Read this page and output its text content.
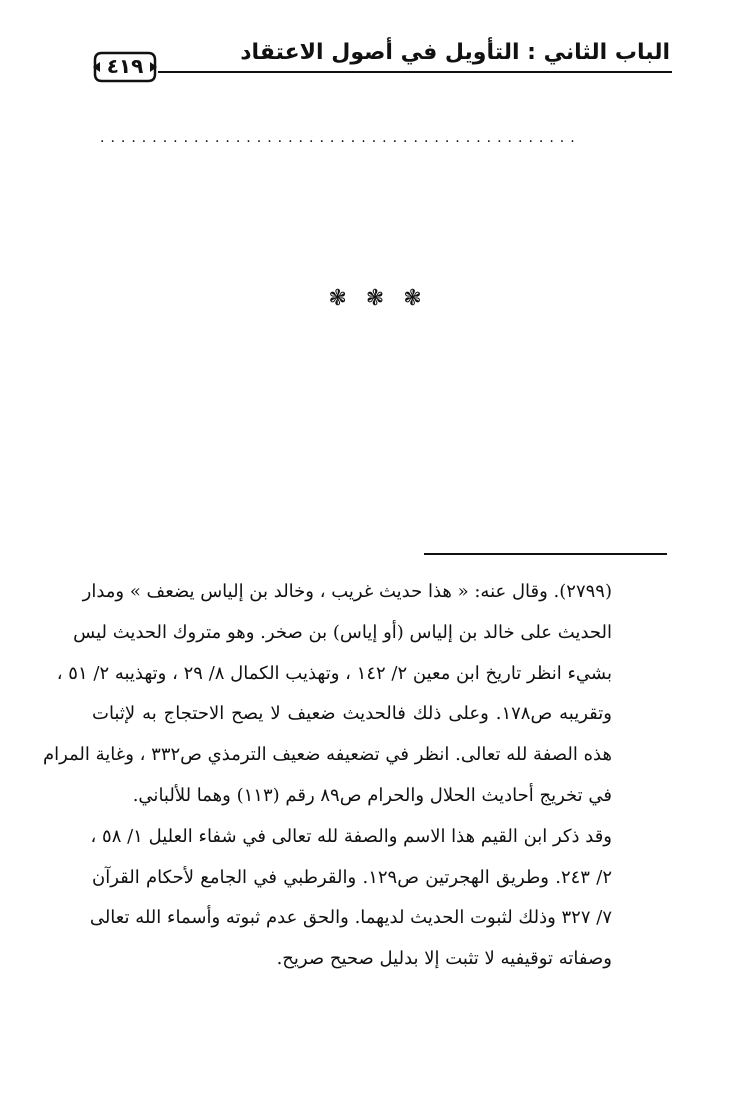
الباب الثاني : التأويل في أصول الاعتقاد
٤١٩
..............................................
❃ ❃ ❃
(٢٧٩٩). وقال عنه: « هذا حديث غريب ، وخالد بن إلياس يضعف » ومدار
الحديث على خالد بن إلياس (أو إياس) بن صخر. وهو متروك الحديث ليس
بشيء انظر تاريخ ابن معين ٢/ ١٤٢ ، وتهذيب الكمال ٨/ ٢٩ ، وتهذيبه ٢/ ٥١ ،
وتقريبه ص١٧٨. وعلى ذلك فالحديث ضعيف لا يصح الاحتجاج به لإثبات
هذه الصفة لله تعالى. انظر في تضعيفه ضعيف الترمذي ص٣٣٢ ، وغاية المرام
في تخريج أحاديث الحلال والحرام ص٨٩ رقم (١١٣) وهما للألباني.
وقد ذكر ابن القيم هذا الاسم والصفة لله تعالى في شفاء العليل ١/ ٥٨ ،
٢/ ٢٤٣. وطريق الهجرتين ص١٢٩. والقرطبي في الجامع لأحكام القرآن
٧/ ٣٢٧ وذلك لثبوت الحديث لديهما. والحق عدم ثبوته وأسماء الله تعالى
وصفاته توقيفيه لا تثبت إلا بدليل صحيح صريح.
